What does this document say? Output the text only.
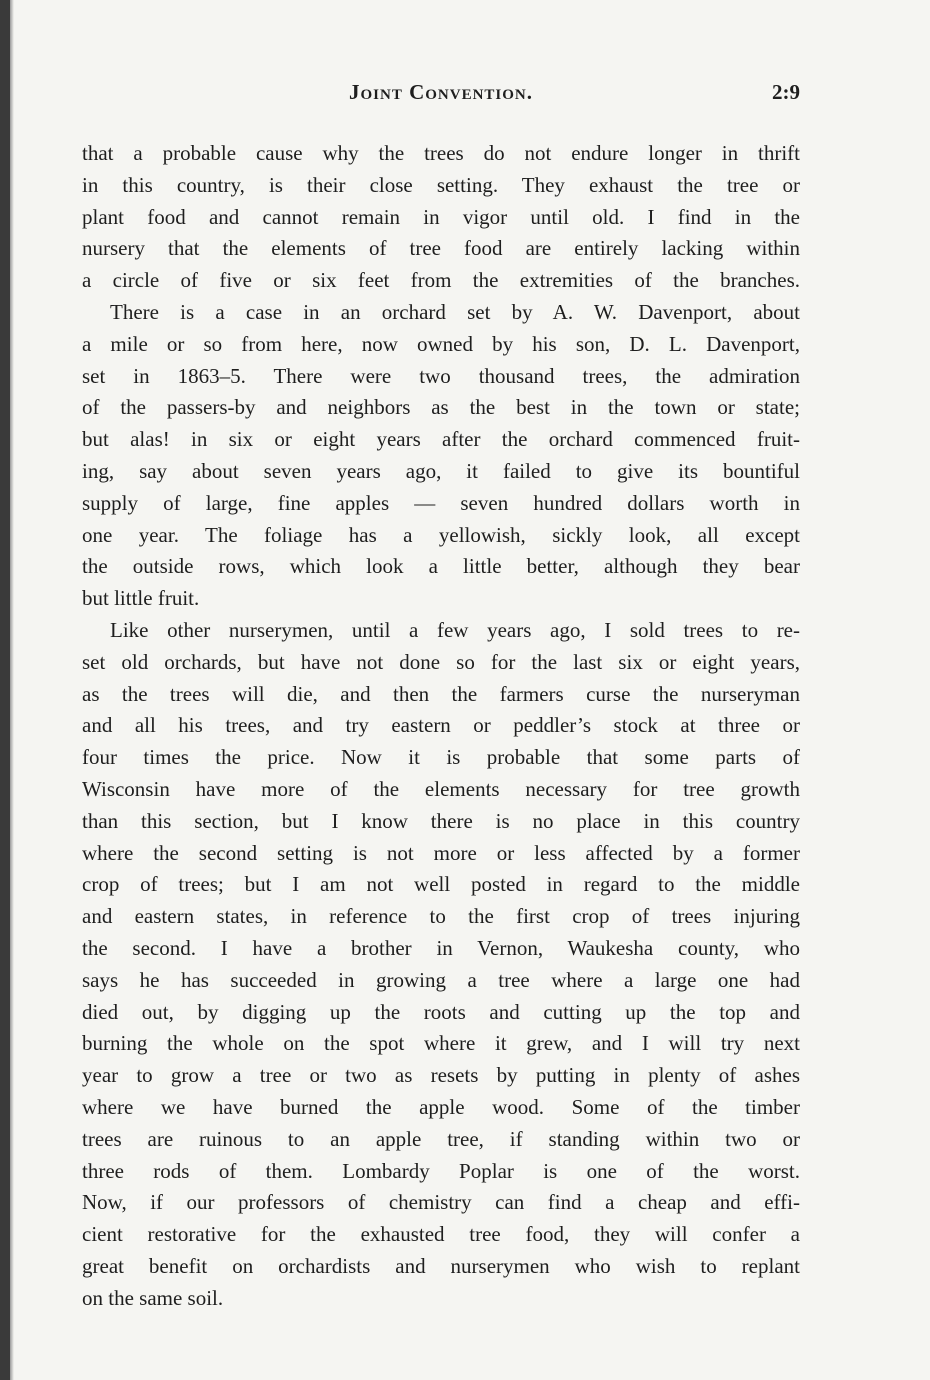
Joint Convention.	2:9
that a probable cause why the trees do not endure longer in thrift
in this country, is their close setting. They exhaust the tree or
plant food and cannot remain in vigor until old. I find in the
nursery that the elements of tree food are entirely lacking within
a circle of five or six feet from the extremities of the branches.
There is a case in an orchard set by A. W. Davenport, about
a mile or so from here, now owned by his son, D. L. Davenport,
set in 1863–5. There were two thousand trees, the admiration
of the passers-by and neighbors as the best in the town or state;
but alas! in six or eight years after the orchard commenced fruit-
ing, say about seven years ago, it failed to give its bountiful
supply of large, fine apples — seven hundred dollars worth in
one year. The foliage has a yellowish, sickly look, all except
the outside rows, which look a little better, although they bear
but little fruit.
Like other nurserymen, until a few years ago, I sold trees to re-
set old orchards, but have not done so for the last six or eight years,
as the trees will die, and then the farmers curse the nurseryman
and all his trees, and try eastern or peddler’s stock at three or
four times the price. Now it is probable that some parts of
Wisconsin have more of the elements necessary for tree growth
than this section, but I know there is no place in this country
where the second setting is not more or less affected by a former
crop of trees; but I am not well posted in regard to the middle
and eastern states, in reference to the first crop of trees injuring
the second. I have a brother in Vernon, Waukesha county, who
says he has succeeded in growing a tree where a large one had
died out, by digging up the roots and cutting up the top and
burning the whole on the spot where it grew, and I will try next
year to grow a tree or two as resets by putting in plenty of ashes
where we have burned the apple wood. Some of the timber
trees are ruinous to an apple tree, if standing within two or
three rods of them. Lombardy Poplar is one of the worst.
Now, if our professors of chemistry can find a cheap and effi-
cient restorative for the exhausted tree food, they will confer a
great benefit on orchardists and nurserymen who wish to replant
on the same soil.
